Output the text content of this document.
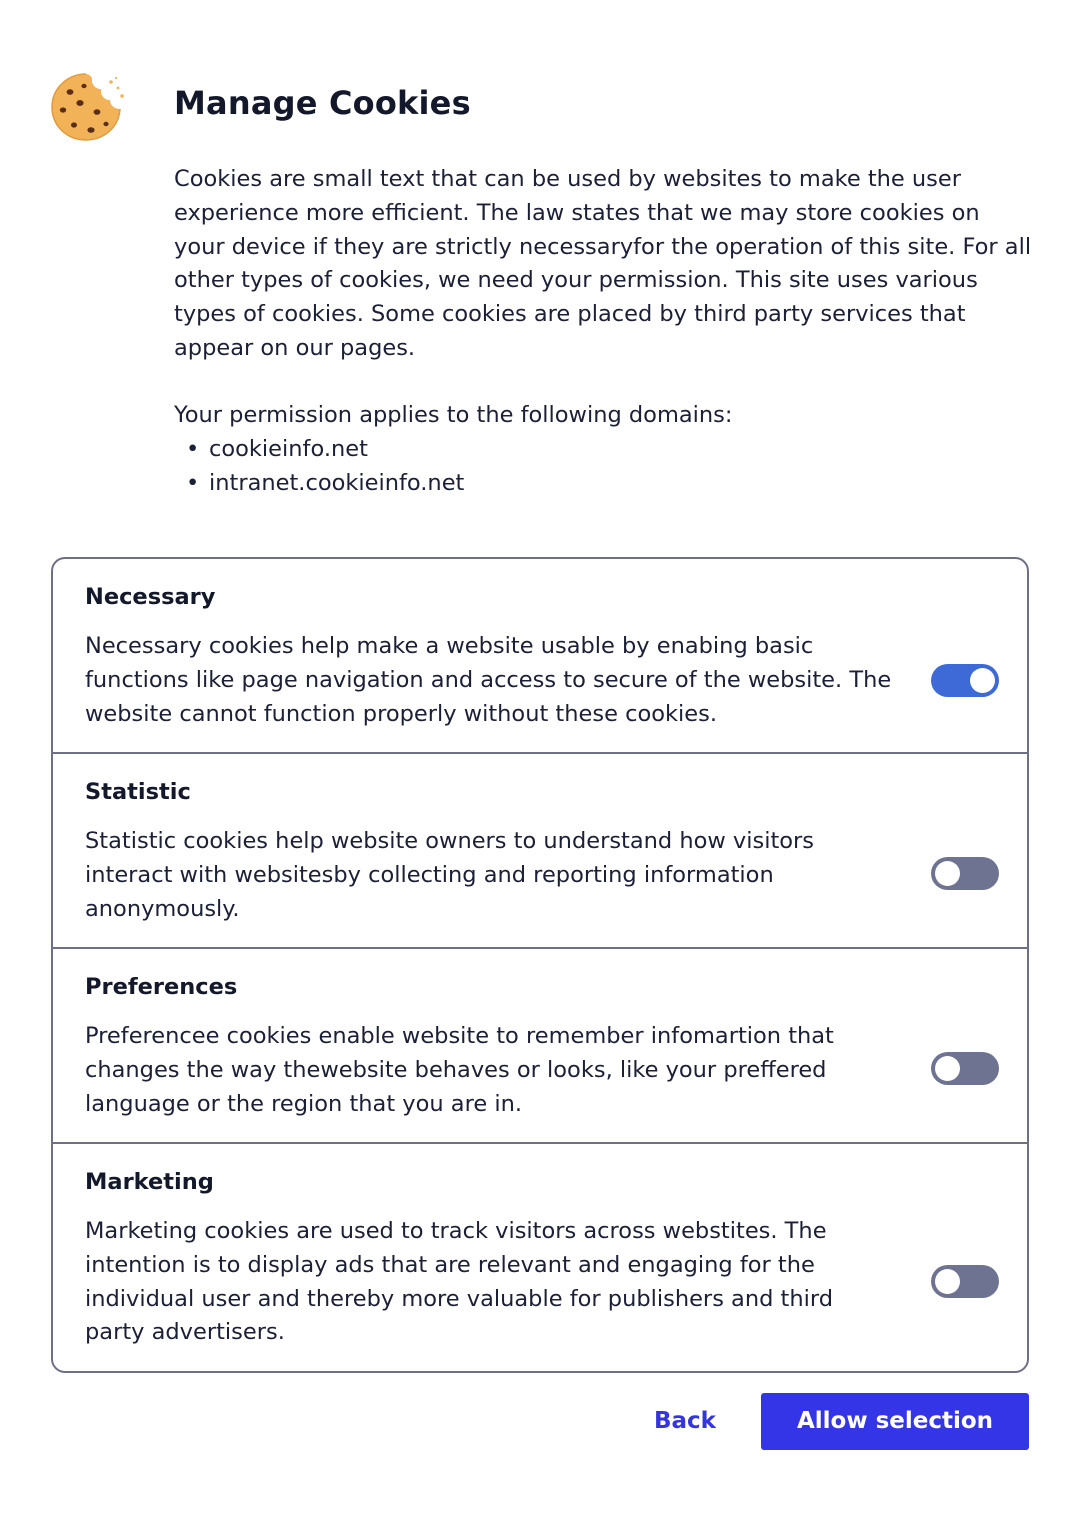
Manage Cookies

Cookies are small text that can be used by websites to make the user experience more efficient. The law states that we may store cookies on your device if they are strictly necessaryfor the operation of this site. For all other types of cookies, we need your permission. This site uses various types of cookies. Some cookies are placed by third party services that appear on our pages.

Your permission applies to the following domains:
• cookieinfo.net
• intranet.cookieinfo.net
Necessary

Necessary cookies help make a website usable by enabing basic functions like page navigation and access to secure of the website. The website cannot function properly without these cookies.

Statistic

Statistic cookies help website owners to understand how visitors interact with websitesby collecting and reporting information anonymously.

Preferences

Preferencee cookies enable website to remember infomartion that changes the way thewebsite behaves or looks, like your preffered language or the region that you are in.

Marketing

Marketing cookies are used to track visitors across webstites. The intention is to display ads that are relevant and engaging for the individual user and thereby more valuable for publishers and third party advertisers.

Back	Allow selection
